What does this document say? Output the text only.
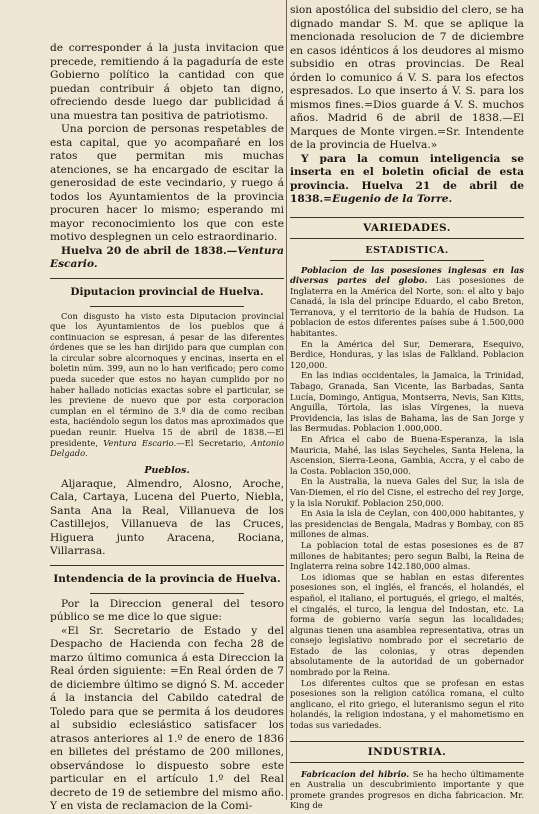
de corresponder á la justa invitacion que precede, remitiendo á la pagaduría de este Gobierno político la cantidad con que puedan contribuir á objeto tan digno, ofreciendo desde luego dar publicidad á una muestra tan positiva de patriotismo.

Una porcion de personas respetables de esta capital, que yo acompañaré en los ratos que permitan mis muchas atenciones, se ha encargado de escitar la generosidad de este vecindario, y ruego á todos los Ayuntamientos de la provincia procuren hacer lo mismo; esperando mi mayor reconocimiento los que con este motivo desplegnen un celo estraordinario.

Huelva 20 de abril de 1838.—Ventura Escario.

Diputacion provincial de Huelva.

Con disgusto ha visto esta Diputacion provincial que los Ayuntamientos de los pueblos que á continuacion se espresan, á pesar de las diferentes órdenes que se les han dirijido para que cumplan con la circular sobre alcornoques y encinas, inserta en el boletin núm. 399, aun no lo han verificado; pero como pueda suceder que estos no hayan cumplido por no haber hallado noticias exactas sobre el particular, se les previene de nuevo que por esta corporacion cumplan en el término de 3.º dia de como reciban esta, haciéndolo segun los datos mas aproximados que puedan reunir. Huelva 15 de abril de 1838.—El presidente, Ventura Escario.—El Secretario, Antonio Delgado.

Pueblos.

Aljaraque, Almendro, Alosno, Aroche, Cala, Cartaya, Lucena del Puerto, Niebla, Santa Ana la Real, Villanueva de los Castillejos, Villanueva de las Cruces, Higuera junto Aracena, Rociana, Villarrasa.

Intendencia de la provincia de Huelva.

Por la Direccion general del tesoro público se me dice lo que sigue:

«El Sr. Secretario de Estado y del Despacho de Hacienda con fecha 28 de marzo último comunica á esta Direccion la Real órden siguiente: =En Real órden de 7 de diciembre último se dignó S. M. acceder á la instancia del Cabildo catedral de Toledo para que se permita á los deudores al subsidio eclesiástico satisfacer los atrasos anteriores al 1.º de enero de 1836 en billetes del préstamo de 200 millones, observándose lo dispuesto sobre este particular en el artículo 1.º del Real decreto de 19 de setiembre del mismo año. Y en vista de reclamacion de la Comi-

sion apostólica del subsidio del clero, se ha dignado mandar S. M. que se aplique la mencionada resolucion de 7 de diciembre en casos idénticos á los deudores al mismo subsidio en otras provincias. De Real órden lo comunico á V. S. para los efectos espresados. Lo que inserto á V. S. para los mismos fines.=Dios guarde á V. S. muchos años. Madrid 6 de abril de 1838.—El Marques de Monte virgen.=Sr. Intendente de la provincia de Huelva.»

Y para la comun inteligencia se inserta en el boletin oficial de esta provincia. Huelva 21 de abril de 1838.=Eugenio de la Torre.

VARIEDADES.
ESTADISTICA.

Poblacion de las posesiones inglesas en las diversas partes del globo. Las posesiones de Inglaterra en la América del Norte, son: el alto y bajo Canadá, la isla del príncipe Eduardo, el cabo Breton, Terranova, y el territorio de la bahía de Hudson. La poblacion de estos diferentes países sube á 1.500,000 habitantes.

En la América del Sur, Demerara, Esequivo, Berdice, Honduras, y las islas de Falkland. Poblacion 120,000.

En las indias occidentales, la Jamaica, la Trinidad, Tabago, Granada, San Vicente, las Barbadas, Santa Lucía, Domingo, Antigua, Montserra, Nevis, San Kitts, Anguilla, Tórtola, las islas Vírgenes, la nueva Providencia, las islas de Bahama, las de San Jorge y las Bermudas. Poblacion 1.000,000.

En Africa el cabo de Buena-Esperanza, la isla Mauricia, Mahé, las islas Seycheles, Santa Helena, la Ascension, Sierra-Leona, Gambia, Accra, y el cabo de la Costa. Poblacion 350,000.

En la Australia, la nueva Gales del Sur, la isla de Van-Diemen, el rio del Cisne, el estrecho del rey Jorge, y la isla Norukif. Poblacion 250,000.

En Asia la isla de Ceylan, con 400,000 habitantes, y las presidencias de Bengala, Madras y Bombay, con 85 millones de almas.

La poblacion total de estas posesiones es de 87 millones de habitantes; pero segun Balbi, la Reina de Inglaterra reina sobre 142.180,000 almas.

Los idiomas que se hablan en estas diferentes posesiones son, el inglés, el francés, el holandés, el español, el italiano, el portugués, el griego, el maltés, el cingalés, el turco, la lengua del Indostan, etc. La forma de gobierno varía segun las localidades; algunas tienen una asamblea representativa, otras un consejo legislativo nombrado por el secretario de Estado de las colonias, y otras dependen absolutamente de la autoridad de un gobernador nombrado por la Reina.

Los diferentes cultos que se profesan en estas posesiones son la religion católica romana, el culto anglicano, el rito griego, el luteranismo segun el rito holandés, la religion indostana, y el mahometismo en todas sus variedades.

INDUSTRIA.

Fabricacion del hibrio. Se ha hecho últimamente en Australia un descubrimiento importante y que promete grandes progresos en dicha fabricacion. Mr. King de
